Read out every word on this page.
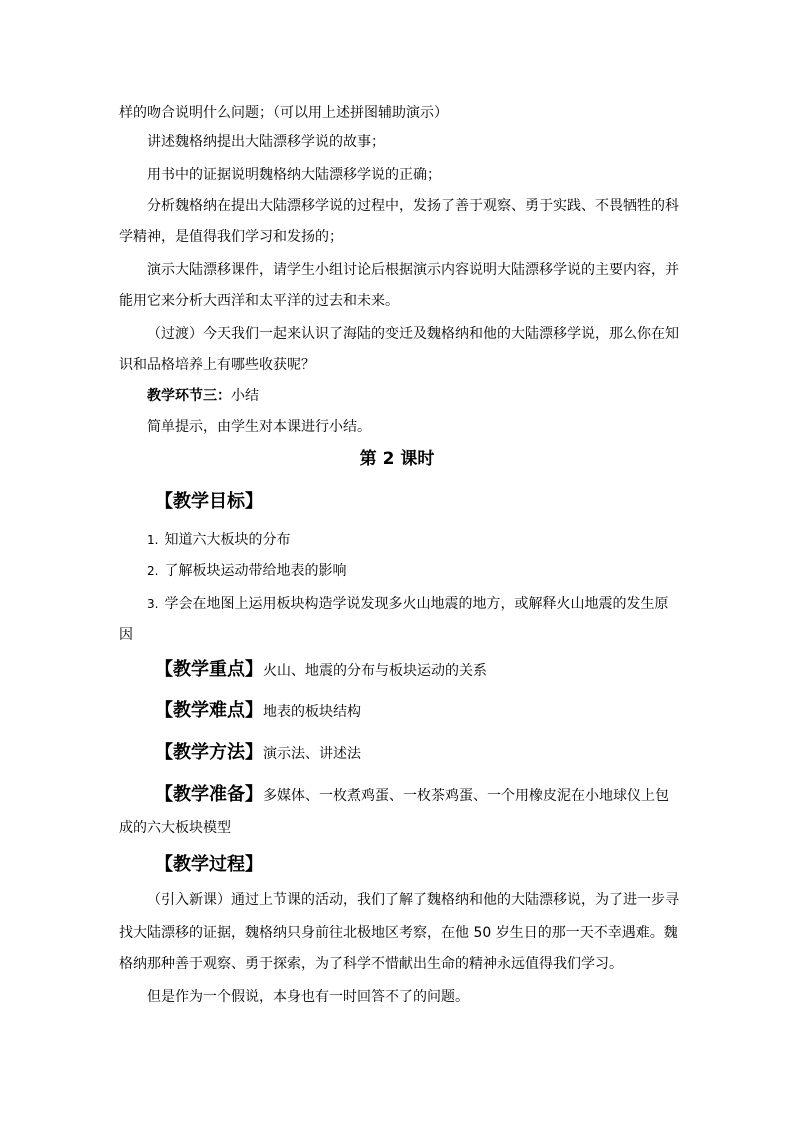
样的吻合说明什么问题；（可以用上述拼图辅助演示）
讲述魏格纳提出大陆漂移学说的故事；
用书中的证据说明魏格纳大陆漂移学说的正确；
分析魏格纳在提出大陆漂移学说的过程中，发扬了善于观察、勇于实践、不畏牺牲的科
学精神，是值得我们学习和发扬的；
演示大陆漂移课件，请学生小组讨论后根据演示内容说明大陆漂移学说的主要内容，并
能用它来分析大西洋和太平洋的过去和未来。
（过渡）今天我们一起来认识了海陆的变迁及魏格纳和他的大陆漂移学说，那么你在知
识和品格培养上有哪些收获呢？
教学环节三：小结
简单提示，由学生对本课进行小结。
第 2 课时
【教学目标】
1. 知道六大板块的分布
2. 了解板块运动带给地表的影响
3. 学会在地图上运用板块构造学说发现多火山地震的地方，或解释火山地震的发生原
因
【教学重点】火山、地震的分布与板块运动的关系
【教学难点】地表的板块结构
【教学方法】演示法、讲述法
【教学准备】多媒体、一枚煮鸡蛋、一枚茶鸡蛋、一个用橡皮泥在小地球仪上包
成的六大板块模型
【教学过程】
（引入新课）通过上节课的活动，我们了解了魏格纳和他的大陆漂移说，为了进一步寻
找大陆漂移的证据，魏格纳只身前往北极地区考察，在他 50 岁生日的那一天不幸遇难。魏
格纳那种善于观察、勇于探索，为了科学不惜献出生命的精神永远值得我们学习。
但是作为一个假说，本身也有一时回答不了的问题。
